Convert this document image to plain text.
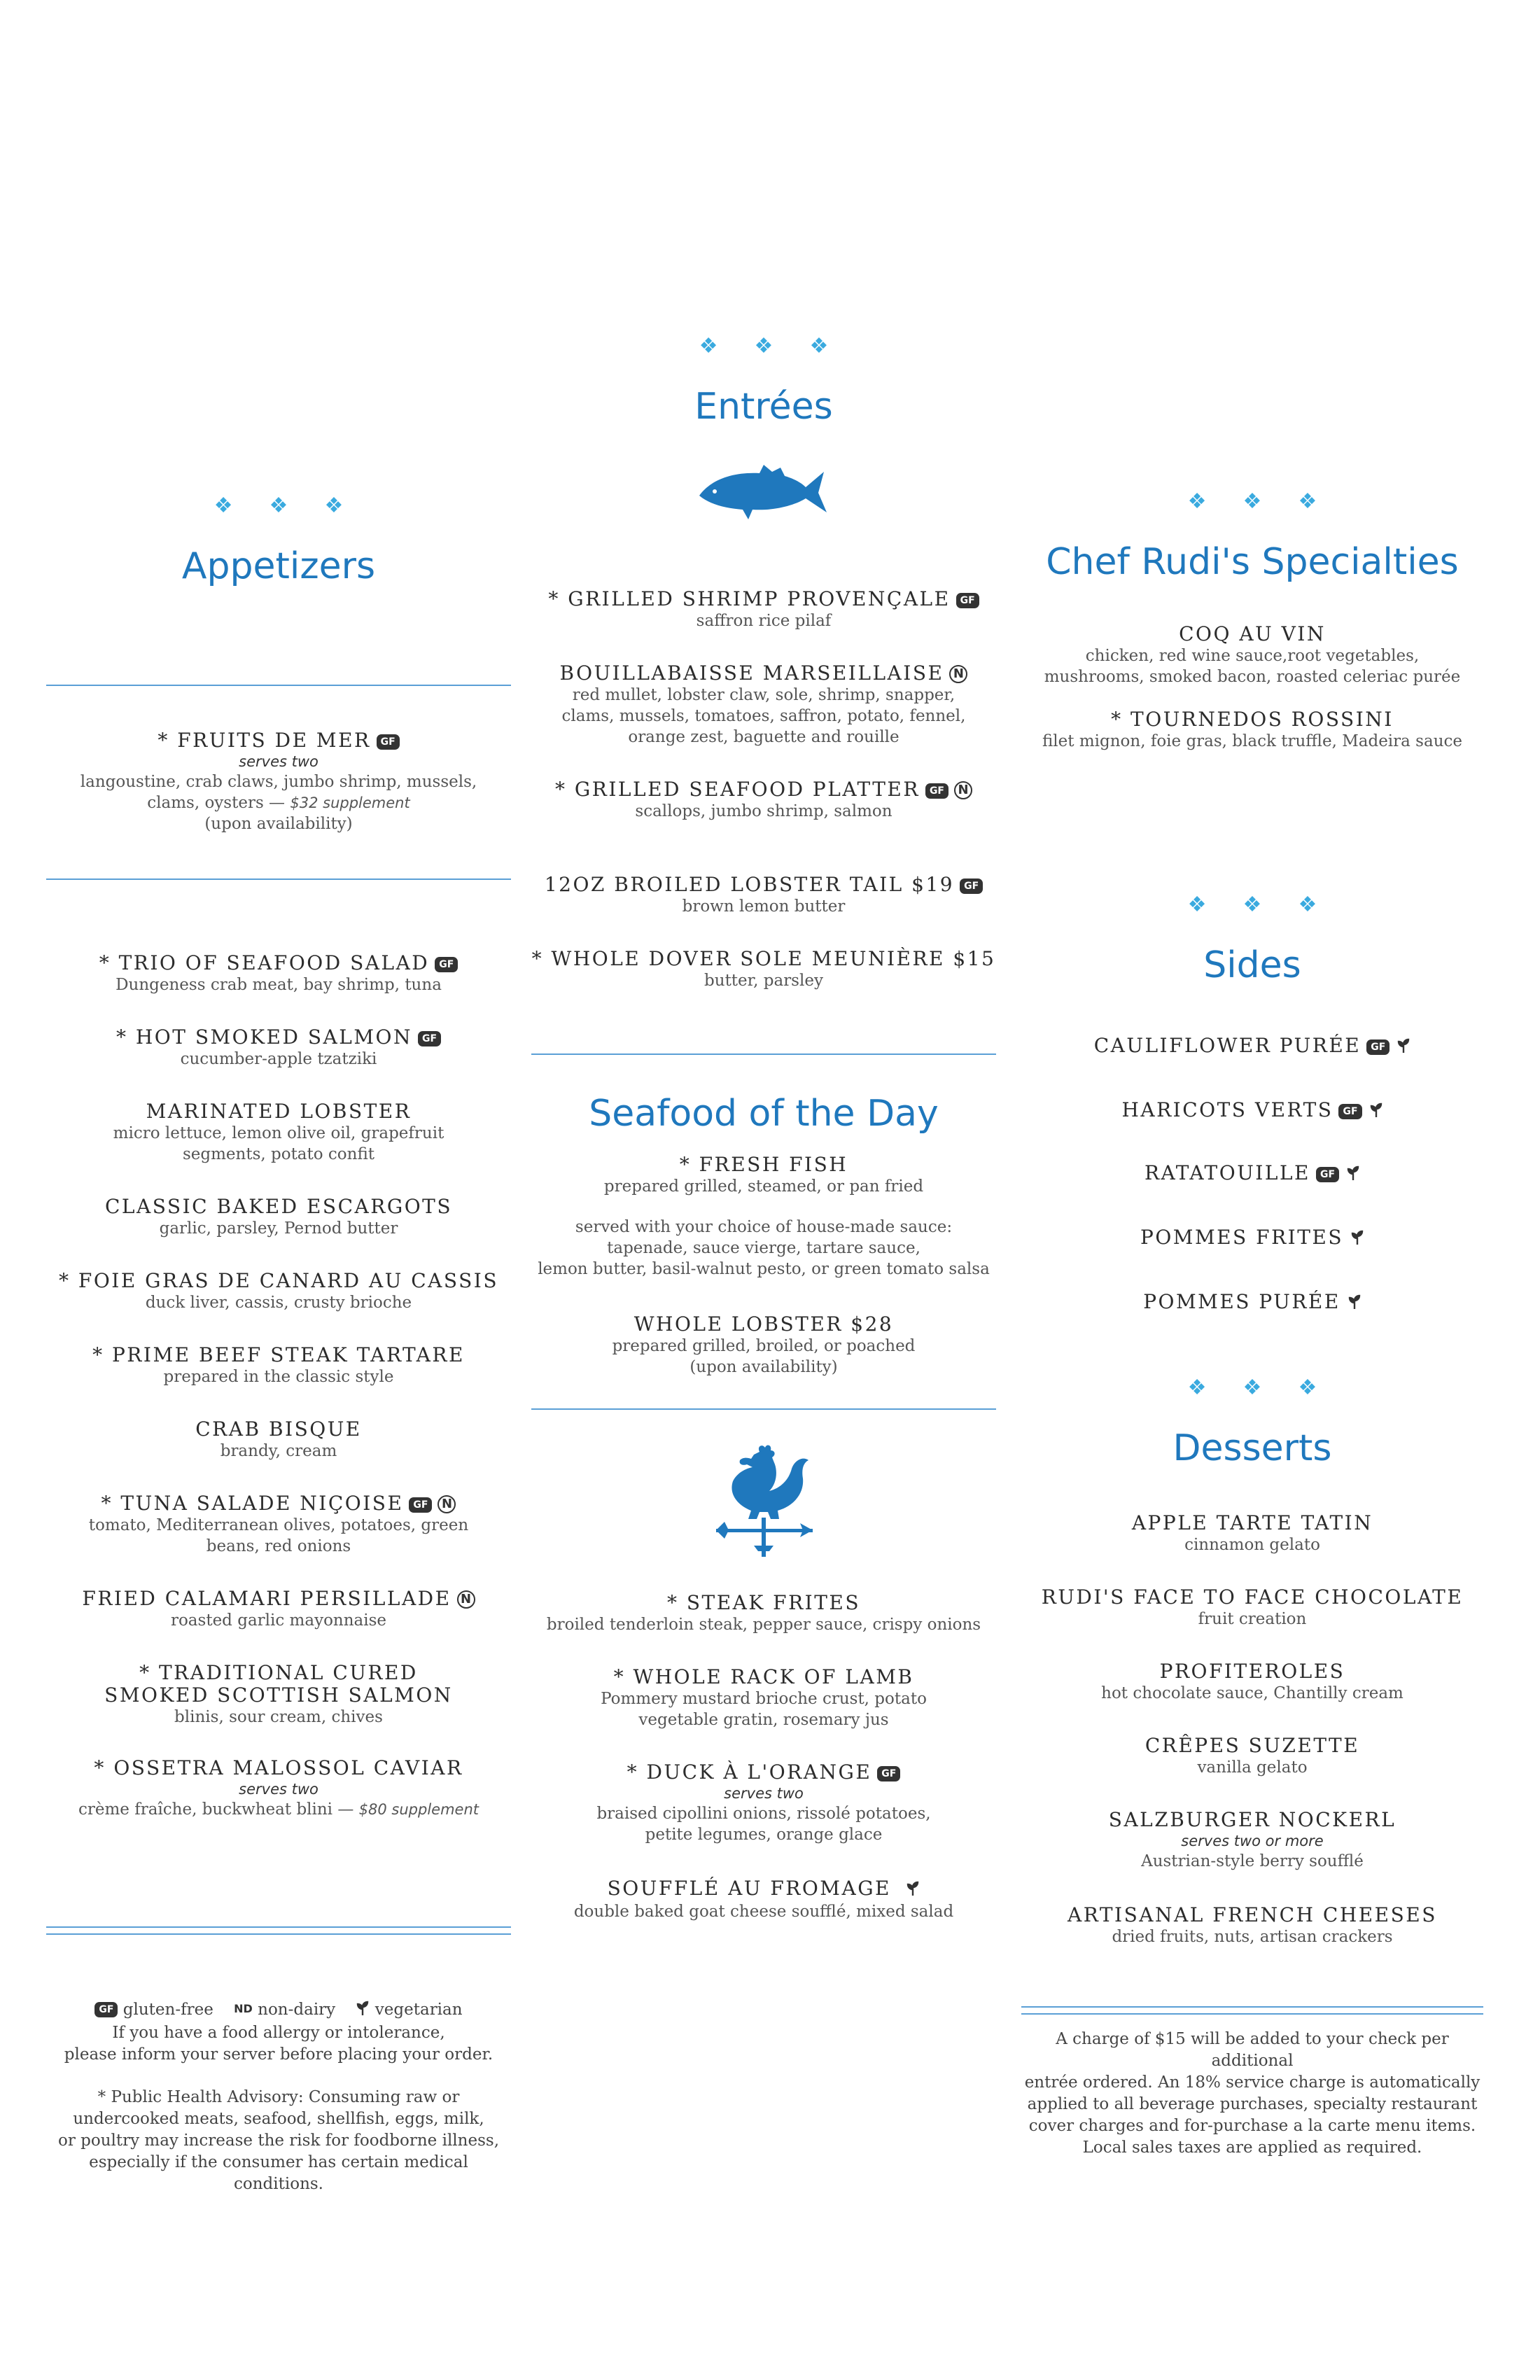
❖ ❖ ❖
Appetizers
* FRUITS DE MER GF
serves two
langoustine, crab claws, jumbo shrimp, mussels,
clams, oysters — $32 supplement
(upon availability)
* TRIO OF SEAFOOD SALAD GF
Dungeness crab meat, bay shrimp, tuna
* HOT SMOKED SALMON GF
cucumber-apple tzatziki
MARINATED LOBSTER
micro lettuce, lemon olive oil, grapefruit segments, potato confit
CLASSIC BAKED ESCARGOTS
garlic, parsley, Pernod butter
* FOIE GRAS DE CANARD AU CASSIS
duck liver, cassis, crusty brioche
* PRIME BEEF STEAK TARTARE
prepared in the classic style
CRAB BISQUE
brandy, cream
* TUNA SALADE NIÇOISE GF N
tomato, Mediterranean olives, potatoes, green beans, red onions
FRIED CALAMARI PERSILLADE N
roasted garlic mayonnaise
* TRADITIONAL CURED SMOKED SCOTTISH SALMON
blinis, sour cream, chives
* OSSETRA MALOSSOL CAVIAR
serves two
crème fraîche, buckwheat blini — $80 supplement
GF gluten-free ND non-dairy vegetarian
If you have a food allergy or intolerance,
please inform your server before placing your order.
* Public Health Advisory: Consuming raw or
undercooked meats, seafood, shellfish, eggs, milk,
or poultry may increase the risk for foodborne illness,
especially if the consumer has certain medical conditions.
❖ ❖ ❖
Entrées
* GRILLED SHRIMP PROVENÇALE GF
saffron rice pilaf
BOUILLABAISSE MARSEILLAISE N
red mullet, lobster claw, sole, shrimp, snapper, clams, mussels, tomatoes, saffron, potato, fennel, orange zest, baguette and rouille
* GRILLED SEAFOOD PLATTER GF N
scallops, jumbo shrimp, salmon
12OZ BROILED LOBSTER TAIL $19 GF
brown lemon butter
* WHOLE DOVER SOLE MEUNIÈRE $15
butter, parsley
Seafood of the Day
* FRESH FISH
prepared grilled, steamed, or pan fried
served with your choice of house-made sauce:
tapenade, sauce vierge, tartare sauce,
lemon butter, basil-walnut pesto, or green tomato salsa
WHOLE LOBSTER $28
prepared grilled, broiled, or poached
(upon availability)
* STEAK FRITES
broiled tenderloin steak, pepper sauce, crispy onions
* WHOLE RACK OF LAMB
Pommery mustard brioche crust, potato vegetable gratin, rosemary jus
* DUCK À L'ORANGE GF
serves two
braised cipollini onions, rissolé potatoes, petite legumes, orange glace
SOUFFLÉ AU FROMAGE
double baked goat cheese soufflé, mixed salad
❖ ❖ ❖
Chef Rudi's Specialties
COQ AU VIN
chicken, red wine sauce,root vegetables, mushrooms, smoked bacon, roasted celeriac purée
* TOURNEDOS ROSSINI
filet mignon, foie gras, black truffle, Madeira sauce
❖ ❖ ❖
Sides
CAULIFLOWER PURÉE GF
HARICOTS VERTS GF
RATATOUILLE GF
POMMES FRITES
POMMES PURÉE
❖ ❖ ❖
Desserts
APPLE TARTE TATIN
cinnamon gelato
RUDI'S FACE TO FACE CHOCOLATE
fruit creation
PROFITEROLES
hot chocolate sauce, Chantilly cream
CRÊPES SUZETTE
vanilla gelato
SALZBURGER NOCKERL
serves two or more
Austrian-style berry soufflé
ARTISANAL FRENCH CHEESES
dried fruits, nuts, artisan crackers
A charge of $15 will be added to your check per additional
entrée ordered. An 18% service charge is automatically
applied to all beverage purchases, specialty restaurant
cover charges and for-purchase a la carte menu items.
Local sales taxes are applied as required.
